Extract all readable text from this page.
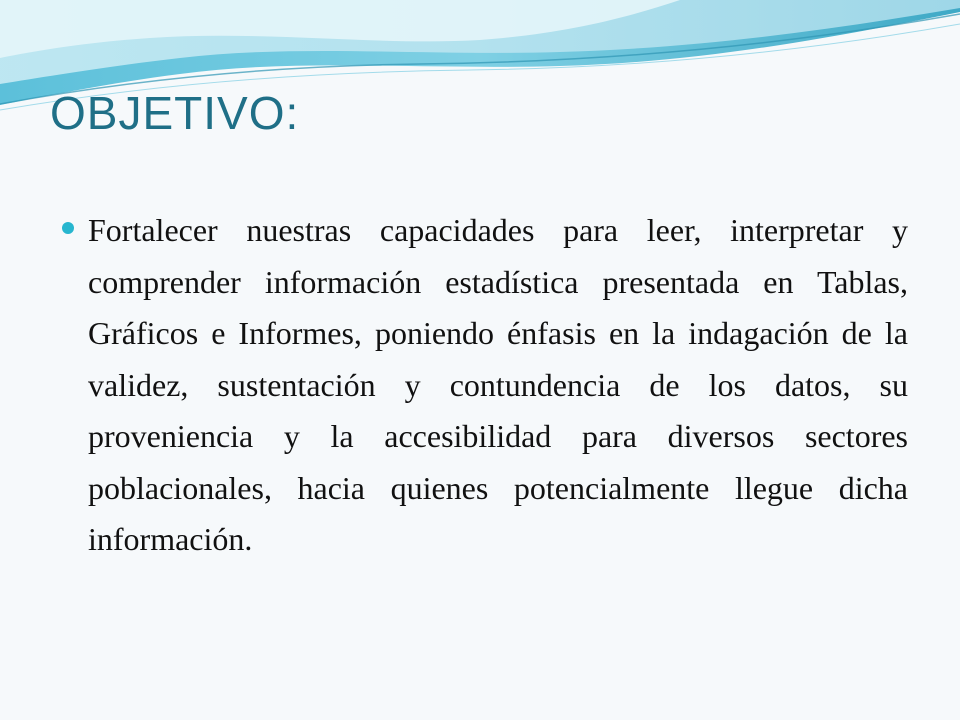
OBJETIVO:

Fortalecer nuestras capacidades para leer, interpretar y comprender información estadística presentada en Tablas, Gráficos e Informes, poniendo énfasis en la indagación de la validez, sustentación y contundencia de los datos, su proveniencia y la accesibilidad para diversos sectores poblacionales, hacia quienes potencialmente llegue dicha información.
